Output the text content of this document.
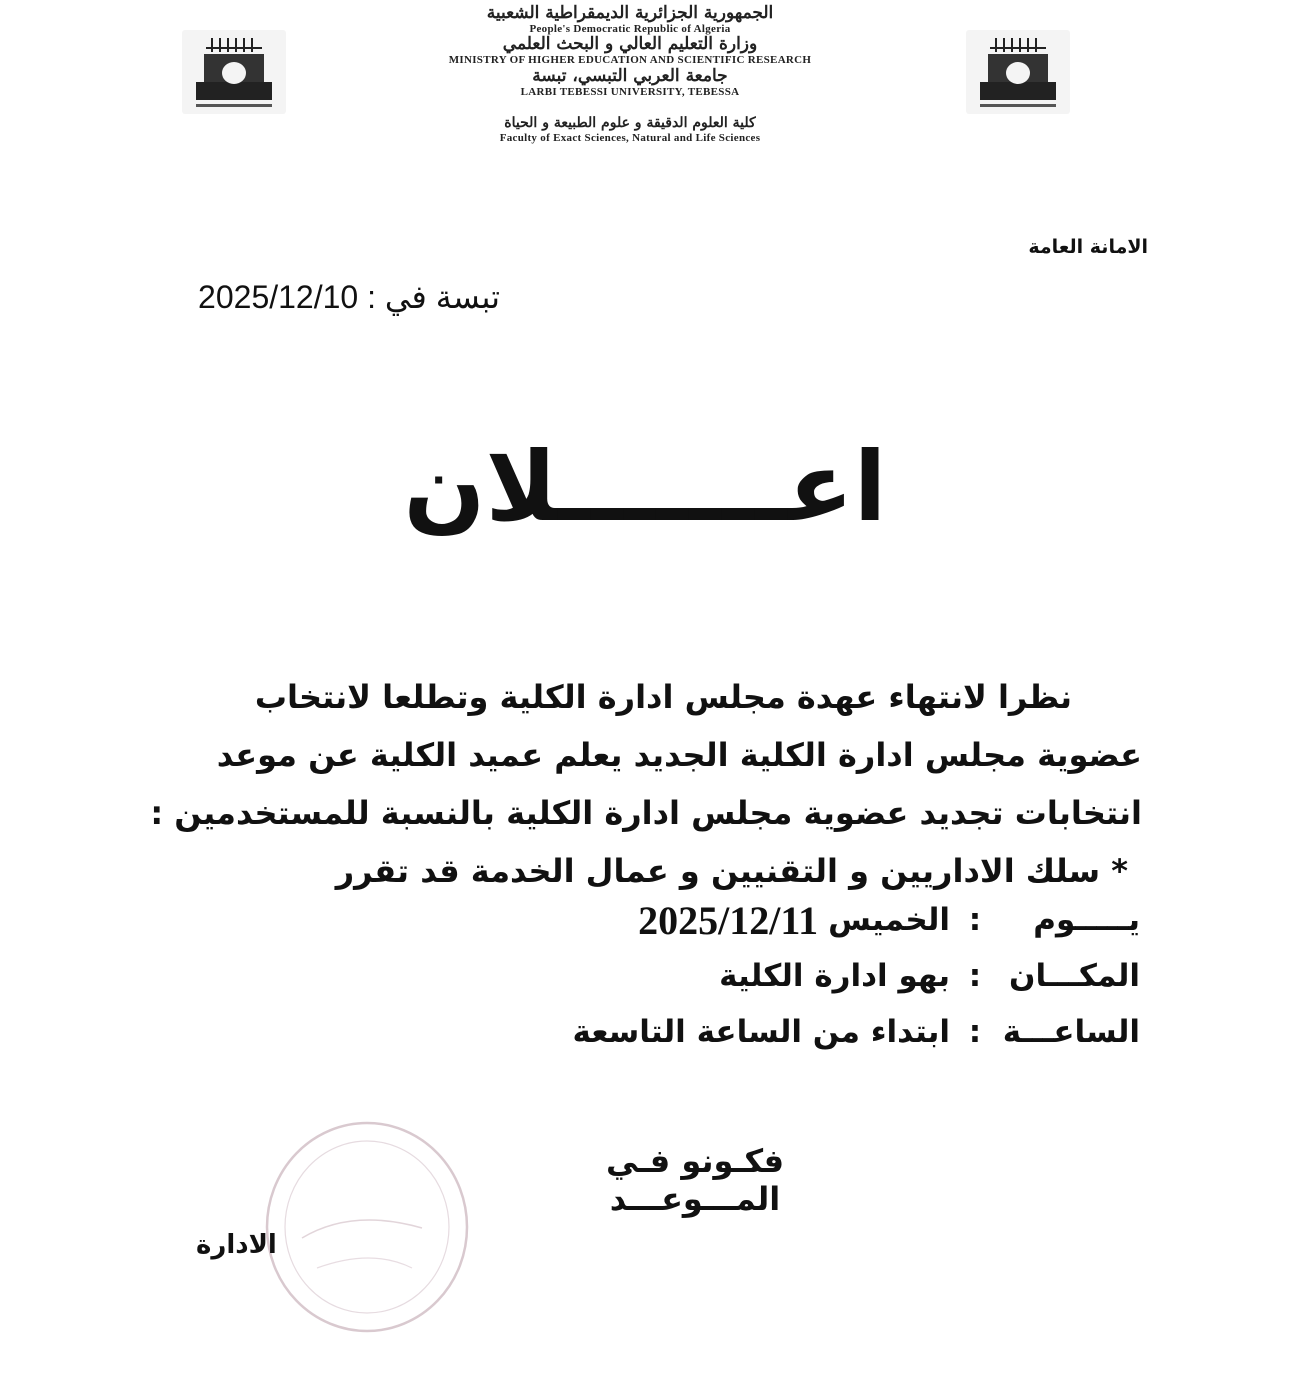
الجمهورية الجزائرية الديمقراطية الشعبية
People's Democratic Republic of Algeria
وزارة التعليم العالي و البحث العلمي
MINISTRY OF HIGHER EDUCATION AND SCIENTIFIC RESEARCH
جامعة العربي التبسي، تبسة
LARBI TEBESSI UNIVERSITY, TEBESSA
كلية العلوم الدقيقة و علوم الطبيعة و الحياة
Faculty of Exact Sciences, Natural and Life Sciences
الامانة العامة
تبسة في : 2025/12/10
اعـــــــلان

نظرا لانتهاء عهدة مجلس ادارة الكلية وتطلعا لانتخاب

عضوية مجلس ادارة الكلية الجديد يعلم عميد الكلية عن موعد

انتخابات تجديد عضوية مجلس ادارة الكلية بالنسبة للمستخدمين :

* سلك الاداريين و التقنيين و عمال الخدمة قد تقرر

يـــــوم
:
الخميس
2025/12/11
المكـــان
:
بهو ادارة الكلية
الساعـــة
:
ابتداء من الساعة التاسعة
فكـونو فـي المـــوعـــد
الادارة
